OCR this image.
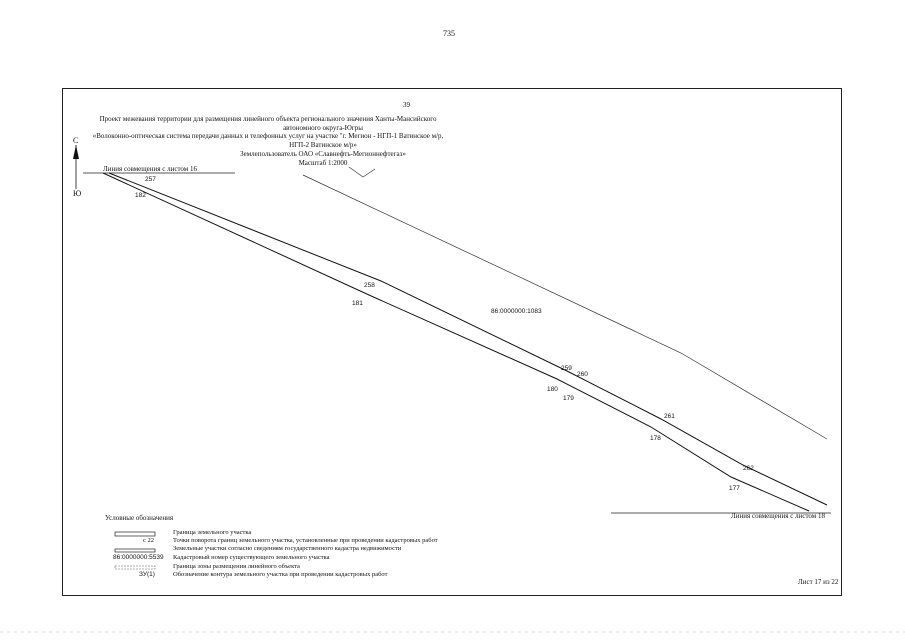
735
39
Проект межевания территории для размещения линейного объекта регионального значения Ханты-Мансийского
автономного округа-Югры
«Волоконно-оптическая система передачи данных и телефонных услуг на участке "г. Мегион - НГП-1 Ватинское м/р,
НГП-2 Ватинское м/р»
Землепользователь ОАО «Славнефть-Мегионнефтегаз»
Масштаб 1:2000
С
Ю
Линия совмещения с листом 16
Линия совмещения с листом 18
86:0000000:1083
257
182
258
181
259
260
180
179
261
178
262
177
Условные обозначения
Граница земельного участка
с 22	Точки поворота границ земельного участка, установленные при проведении кадастровых работ
Земельные участки согласно сведениям государственного кадастра недвижимости
86:0000000:5539 Кадастровый номер существующего земельного участка
Граница зоны размещения линейного объекта
ЗУ(1)	Обозначение контура земельного участка при проведении кадастровых работ
Лист 17 из 22
